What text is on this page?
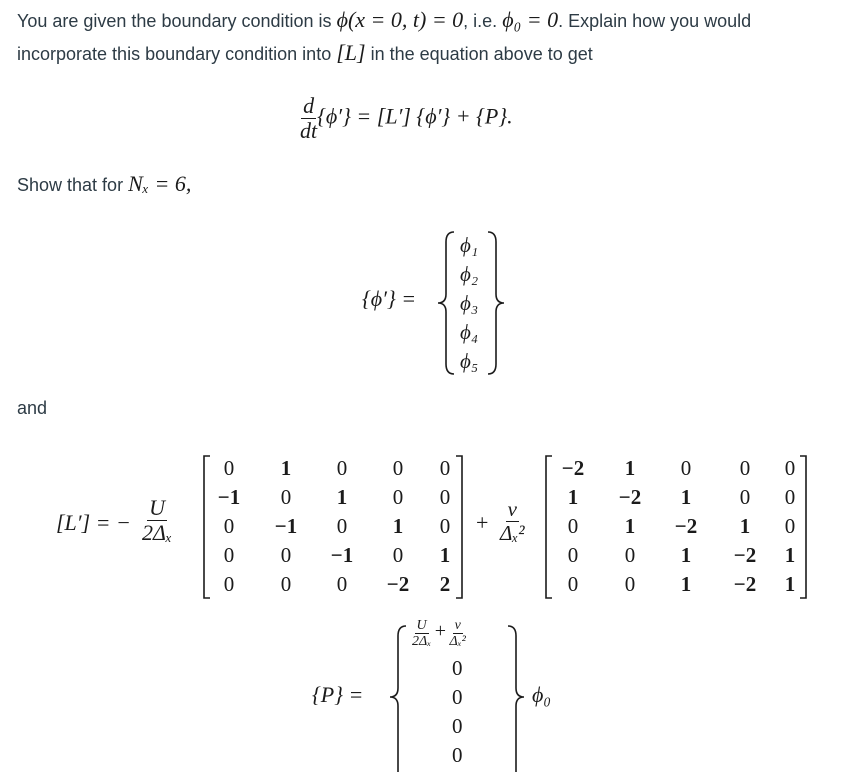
You are given the boundary condition is ϕ(x = 0, t) = 0, i.e. ϕ₀ = 0. Explain how you would
incorporate this boundary condition into [L] in the equation above to get
$\frac{d}{dt} \{\phi'\} = [L'] \{\phi'\} + \{P\}$.
Show that for Nₓ = 6,
{ϕ′} =
ϕ₁
ϕ₂
ϕ₃
ϕ₄
ϕ₅
and
[L′] = − $\frac{U}{\text{2Δₓ}}$
0	1	0	0	0
−1	0	1	0	0
0	−1	0	1	0
0	0	−1	0	1
0	0	0	−2	2
+ $\frac{\nu}{\text{Δₓ²}}$
−2	1	0	0	0
1	−2	1	0	0
0	1	−2	1	0
0	0	1	−2	1
0	0	1	−2	1
{P} =
$\frac{U}{\text{2Δₓ}} + \frac{\nu}{\text{Δₓ²}}$
0
0
0
0
ϕ₀
